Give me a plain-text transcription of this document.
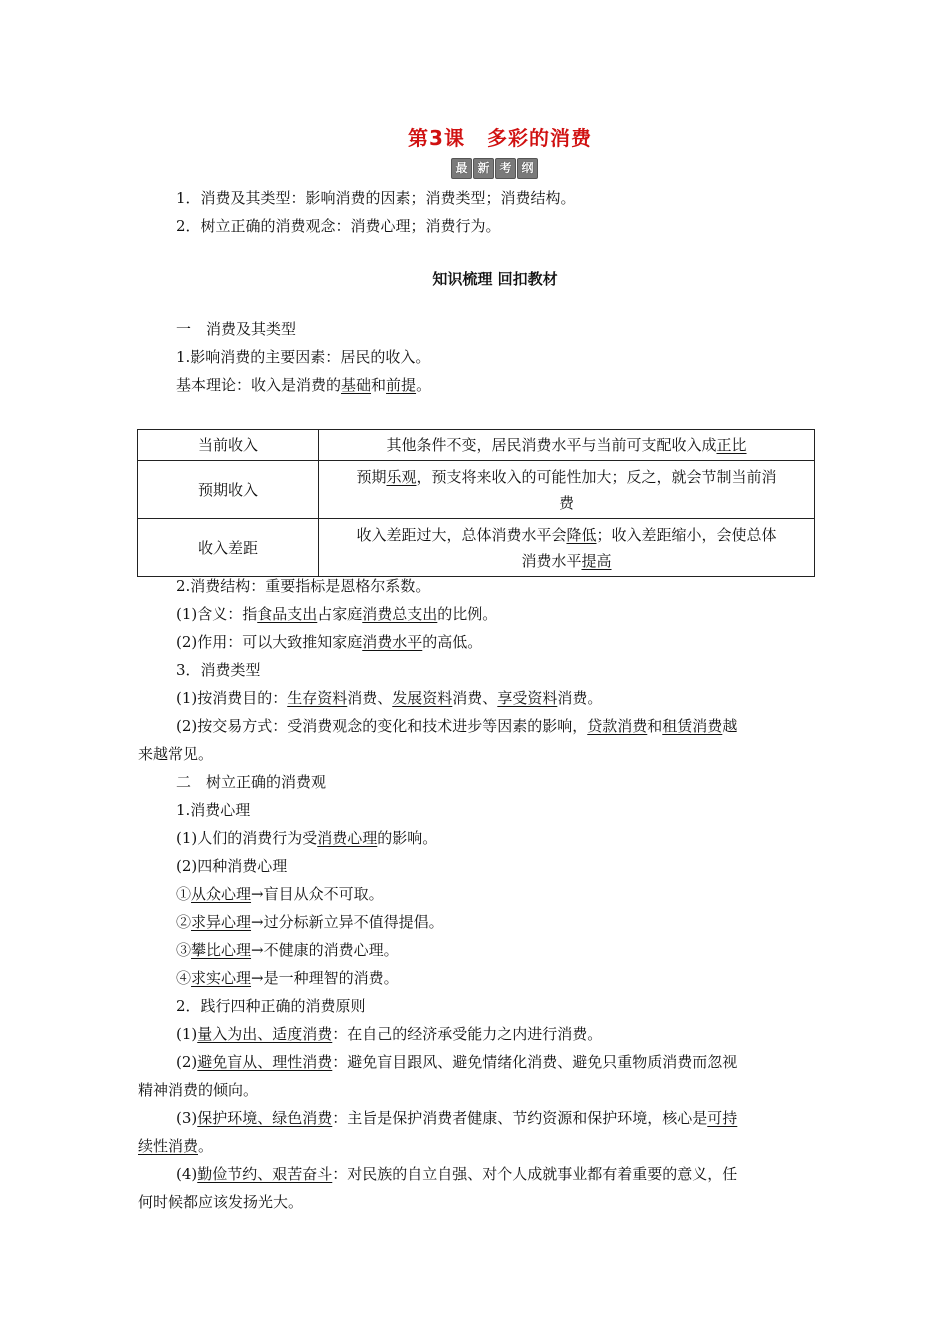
第3课 多彩的消费
最 新 考 纲
1．消费及其类型：影响消费的因素；消费类型；消费结构。
2．树立正确的消费观念：消费心理；消费行为。
知识梳理 回扣教材
一　消费及其类型
1.影响消费的主要因素：居民的收入。
基本理论：收入是消费的基础和前提。
当前收入	其他条件不变，居民消费水平与当前可支配收入成正比
预期收入	预期乐观，预支将来收入的可能性加大；反之，就会节制当前消
费
收入差距	收入差距过大，总体消费水平会降低；收入差距缩小，会使总体
消费水平提高
2.消费结构：重要指标是恩格尔系数。
(1)含义：指食品支出占家庭消费总支出的比例。
(2)作用：可以大致推知家庭消费水平的高低。
3．消费类型
(1)按消费目的：生存资料消费、发展资料消费、享受资料消费。
(2)按交易方式：受消费观念的变化和技术进步等因素的影响，贷款消费和租赁消费越
来越常见。
二　树立正确的消费观
1.消费心理
(1)人们的消费行为受消费心理的影响。
(2)四种消费心理
①从众心理→盲目从众不可取。
②求异心理→过分标新立异不值得提倡。
③攀比心理→不健康的消费心理。
④求实心理→是一种理智的消费。
2．践行四种正确的消费原则
(1)量入为出、适度消费：在自己的经济承受能力之内进行消费。
(2)避免盲从、理性消费：避免盲目跟风、避免情绪化消费、避免只重物质消费而忽视
精神消费的倾向。
(3)保护环境、绿色消费：主旨是保护消费者健康、节约资源和保护环境，核心是可持
续性消费。
(4)勤俭节约、艰苦奋斗：对民族的自立自强、对个人成就事业都有着重要的意义，任
何时候都应该发扬光大。
